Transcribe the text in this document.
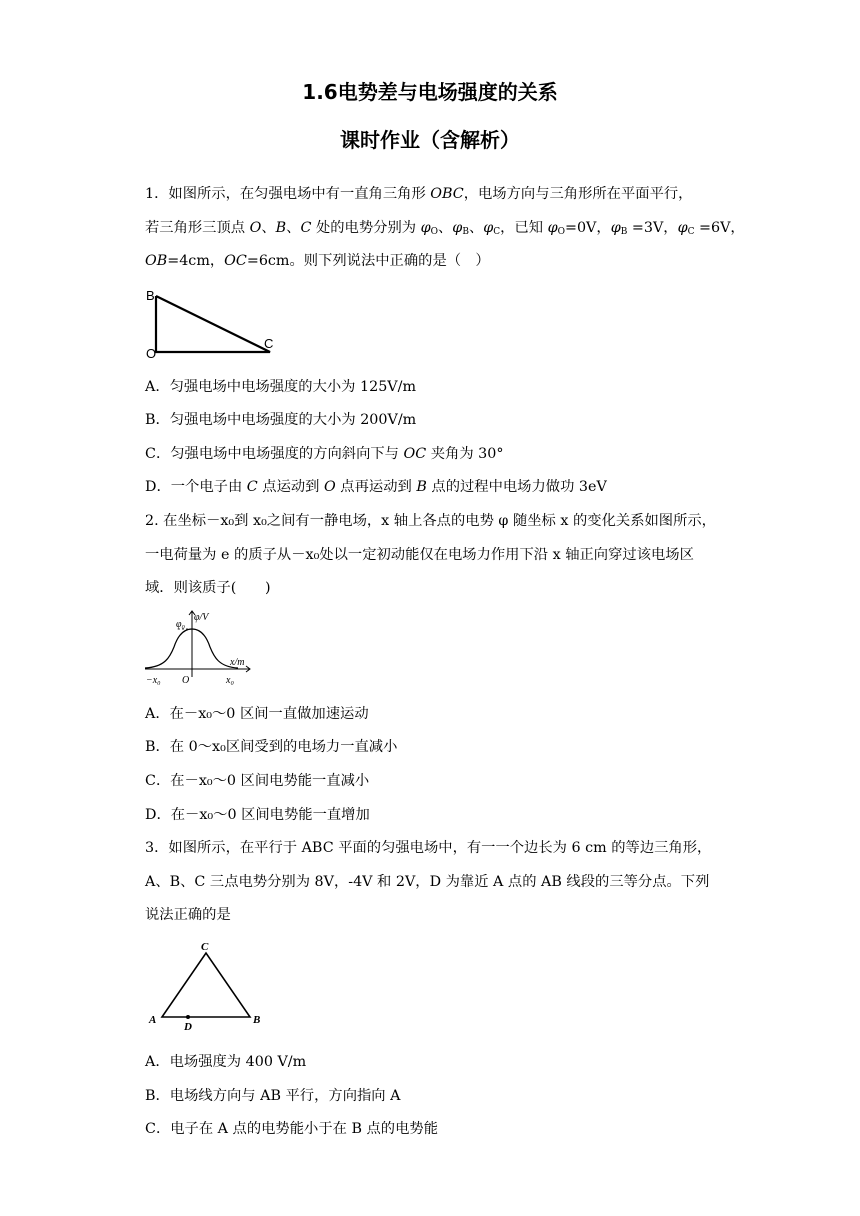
1.6电势差与电场强度的关系
课时作业（含解析）
1．如图所示，在匀强电场中有一直角三角形 OBC，电场方向与三角形所在平面平行，
若三角形三顶点 O、B、C 处的电势分别为 $\varphi_O$、$\varphi_B$、$\varphi_C$，已知 $\varphi_O=0V$，$\varphi_B =3V$，$\varphi_C =6V$，
OB=4cm，OC=6cm。则下列说法中正确的是（　）
B
O
C
A．匀强电场中电场强度的大小为 125V/m
B．匀强电场中电场强度的大小为 200V/m
C．匀强电场中电场强度的方向斜向下与 OC 夹角为 30°
D．一个电子由 C 点运动到 O 点再运动到 B 点的过程中电场力做功 3eV
2. 在坐标－x₀到 x₀之间有一静电场，x 轴上各点的电势 φ 随坐标 x 的变化关系如图所示，
一电荷量为 e 的质子从－x₀处以一定初动能仅在电场力作用下沿 x 轴正向穿过该电场区
域．则该质子(　　)
φ/V
φ₀
x/m
−x₀ O	x₀
A．在－x₀～0 区间一直做加速运动
B．在 0～x₀区间受到的电场力一直减小
C．在－x₀～0 区间电势能一直减小
D．在－x₀～0 区间电势能一直增加
3．如图所示，在平行于 ABC 平面的匀强电场中，有一一个边长为 6 cm 的等边三角形，
A、B、C 三点电势分别为 8V，-4V 和 2V，D 为靠近 A 点的 AB 线段的三等分点。下列
说法正确的是
C
A
D
B
A．电场强度为 400 V/m
B．电场线方向与 AB 平行，方向指向 A
C．电子在 A 点的电势能小于在 B 点的电势能
